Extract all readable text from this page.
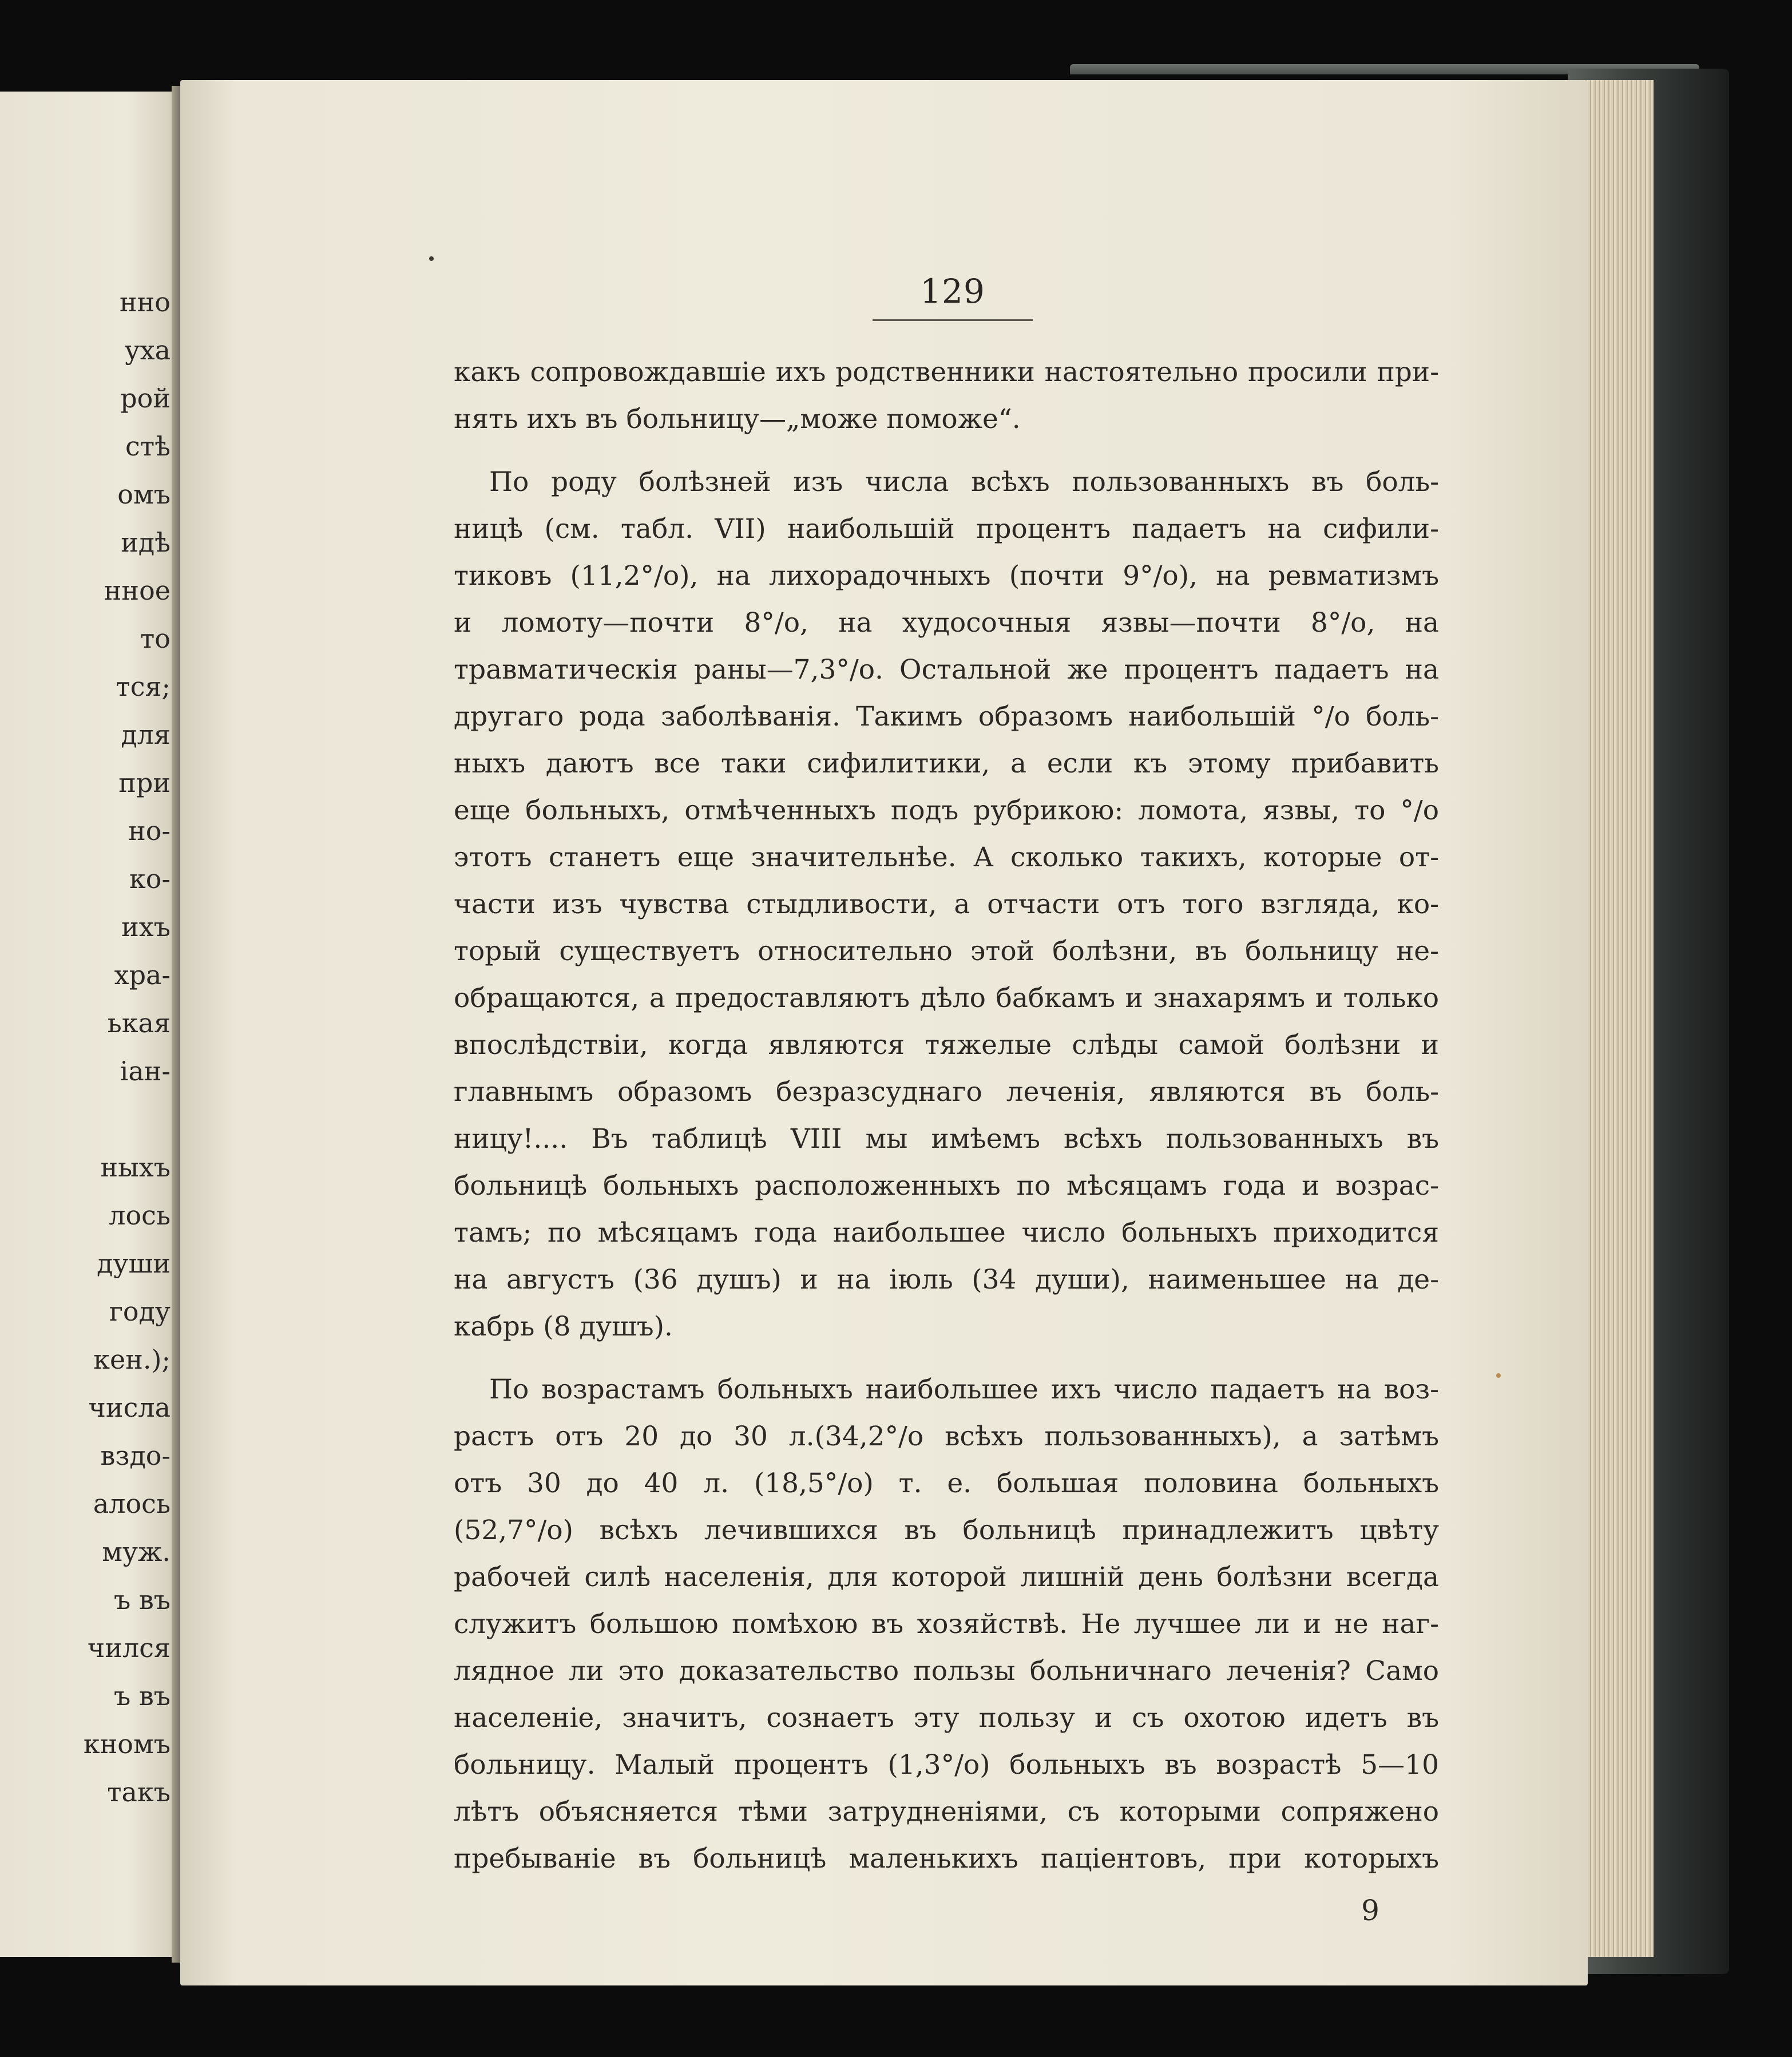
нно
уха
рой
стѣ
омъ
идѣ
нное
то
тся;
для
при
но-
ко-
ихъ
хра-
ькая
іан-
ныхъ
лось
души
году
кен.);
числа
вздо-
алось
муж.
ъ въ
чился
ъ въ
кномъ
такъ
129
какъ сопровождавшіе ихъ родственники настоятельно просили при-
нять ихъ въ больницу—„може поможе“.
По роду болѣзней изъ числа всѣхъ пользованныхъ въ боль-
ницѣ (см. табл. VII) наибольшій процентъ падаетъ на сифили-
тиковъ (11,2°/о), на лихорадочныхъ (почти 9°/о), на ревматизмъ
и ломоту—почти 8°/о, на худосочныя язвы—почти 8°/о, на
травматическія раны—7,3°/о. Остальной же процентъ падаетъ на
другаго рода заболѣванія. Такимъ образомъ наибольшій °/о боль-
ныхъ даютъ все таки сифилитики, а если къ этому прибавить
еще больныхъ, отмѣченныхъ подъ рубрикою: ломота, язвы, то °/о
этотъ станетъ еще значительнѣе. А сколько такихъ, которые от-
части изъ чувства стыдливости, а отчасти отъ того взгляда, ко-
торый существуетъ относительно этой болѣзни, въ больницу не-
обращаются, а предоставляютъ дѣло бабкамъ и знахарямъ и только
впослѣдствіи, когда являются тяжелые слѣды самой болѣзни и
главнымъ образомъ безразсуднаго леченія, являются въ боль-
ницу!.... Въ таблицѣ VIII мы имѣемъ всѣхъ пользованныхъ въ
больницѣ больныхъ расположенныхъ по мѣсяцамъ года и возрас-
тамъ; по мѣсяцамъ года наибольшее число больныхъ приходится
на августъ (36 душъ) и на іюль (34 души), наименьшее на де-
кабрь (8 душъ).
По возрастамъ больныхъ наибольшее ихъ число падаетъ на воз-
растъ отъ 20 до 30 л.(34,2°/о всѣхъ пользованныхъ), а затѣмъ
отъ 30 до 40 л. (18,5°/о) т. е. большая половина больныхъ
(52,7°/о) всѣхъ лечившихся въ больницѣ принадлежитъ цвѣту
рабочей силѣ населенія, для которой лишній день болѣзни всегда
служитъ большою помѣхою въ хозяйствѣ. Не лучшее ли и не наг-
лядное ли это доказательство пользы больничнаго леченія? Само
населеніе, значитъ, сознаетъ эту пользу и съ охотою идетъ въ
больницу. Малый процентъ (1,3°/о) больныхъ въ возрастѣ 5—10
лѣтъ объясняется тѣми затрудненіями, съ которыми сопряжено
пребываніе въ больницѣ маленькихъ паціентовъ, при которыхъ
9
